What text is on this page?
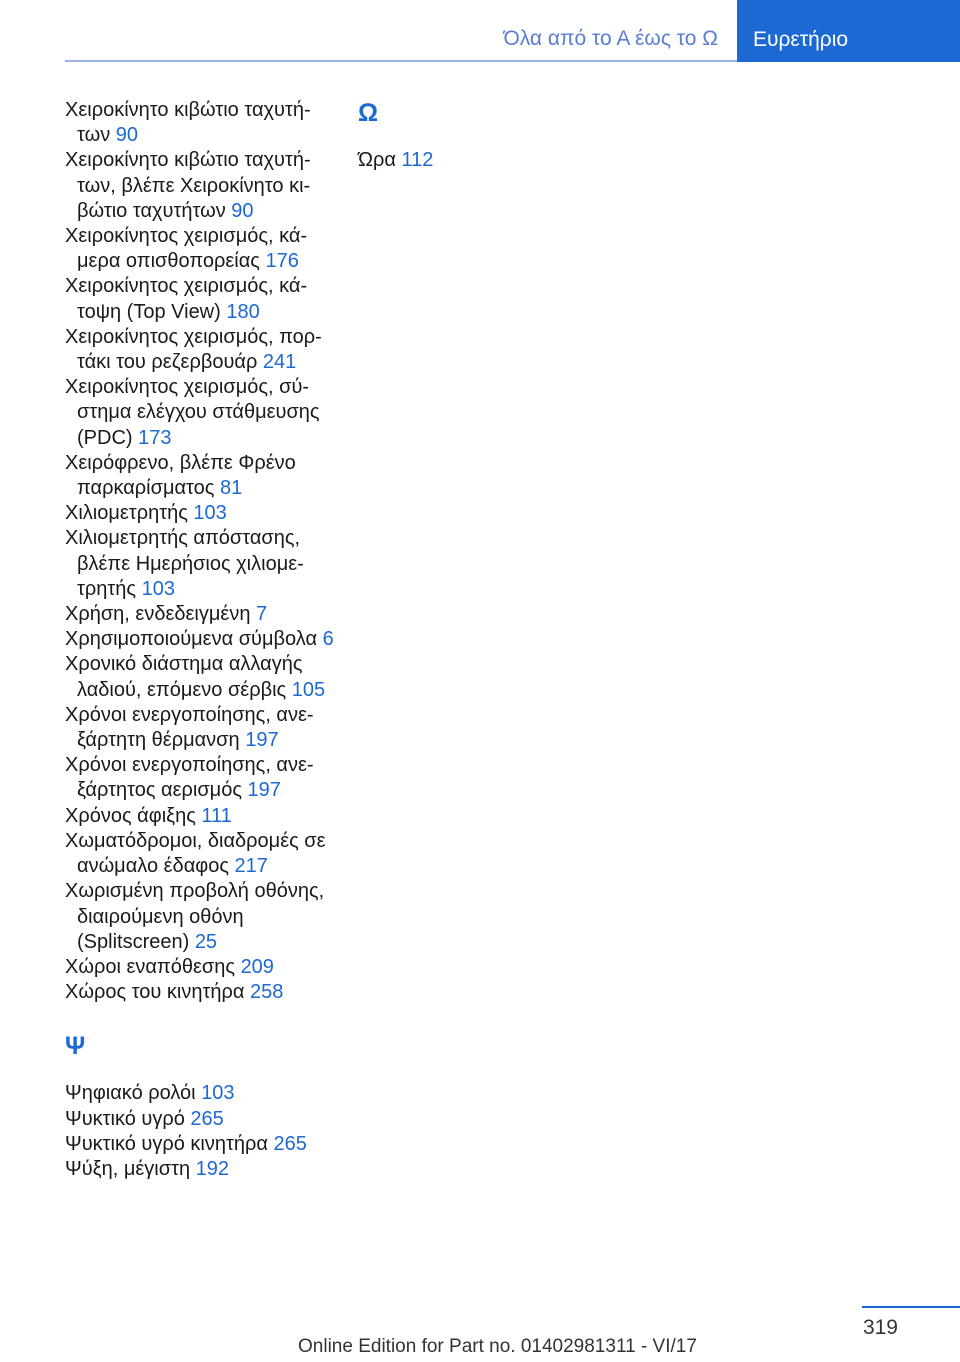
Όλα από το Α έως το Ω	Ευρετήριο
Χειροκίνητο κιβώτιο ταχυτήτων 90
Χειροκίνητο κιβώτιο ταχυτήτων, βλέπε Χειροκίνητο κιβώτιο ταχυτήτων 90
Χειροκίνητος χειρισμός, κάμερα οπισθοπορείας 176
Χειροκίνητος χειρισμός, κάτοψη (Top View) 180
Χειροκίνητος χειρισμός, πορτάκι του ρεζερβουάρ 241
Χειροκίνητος χειρισμός, σύστημα ελέγχου στάθμευσης (PDC) 173
Χειρόφρενο, βλέπε Φρένο παρκαρίσματος 81
Χιλιομετρητής 103
Χιλιομετρητής απόστασης, βλέπε Ημερήσιος χιλιομετρητής 103
Χρήση, ενδεδειγμένη 7
Χρησιμοποιούμενα σύμβολα 6
Χρονικό διάστημα αλλαγής λαδιού, επόμενο σέρβις 105
Χρόνοι ενεργοποίησης, ανεξάρτητη θέρμανση 197
Χρόνοι ενεργοποίησης, ανεξάρτητος αερισμός 197
Χρόνος άφιξης 111
Χωματόδρομοι, διαδρομές σε ανώμαλο έδαφος 217
Χωρισμένη προβολή οθόνης, διαιρούμενη οθόνη (Splitscreen) 25
Χώροι εναπόθεσης 209
Χώρος του κινητήρα 258
Ψ
Ψηφιακό ρολόι 103
Ψυκτικό υγρό 265
Ψυκτικό υγρό κινητήρα 265
Ψύξη, μέγιστη 192
Ω
Ώρα 112
319
Online Edition for Part no. 01402981311 - VI/17
